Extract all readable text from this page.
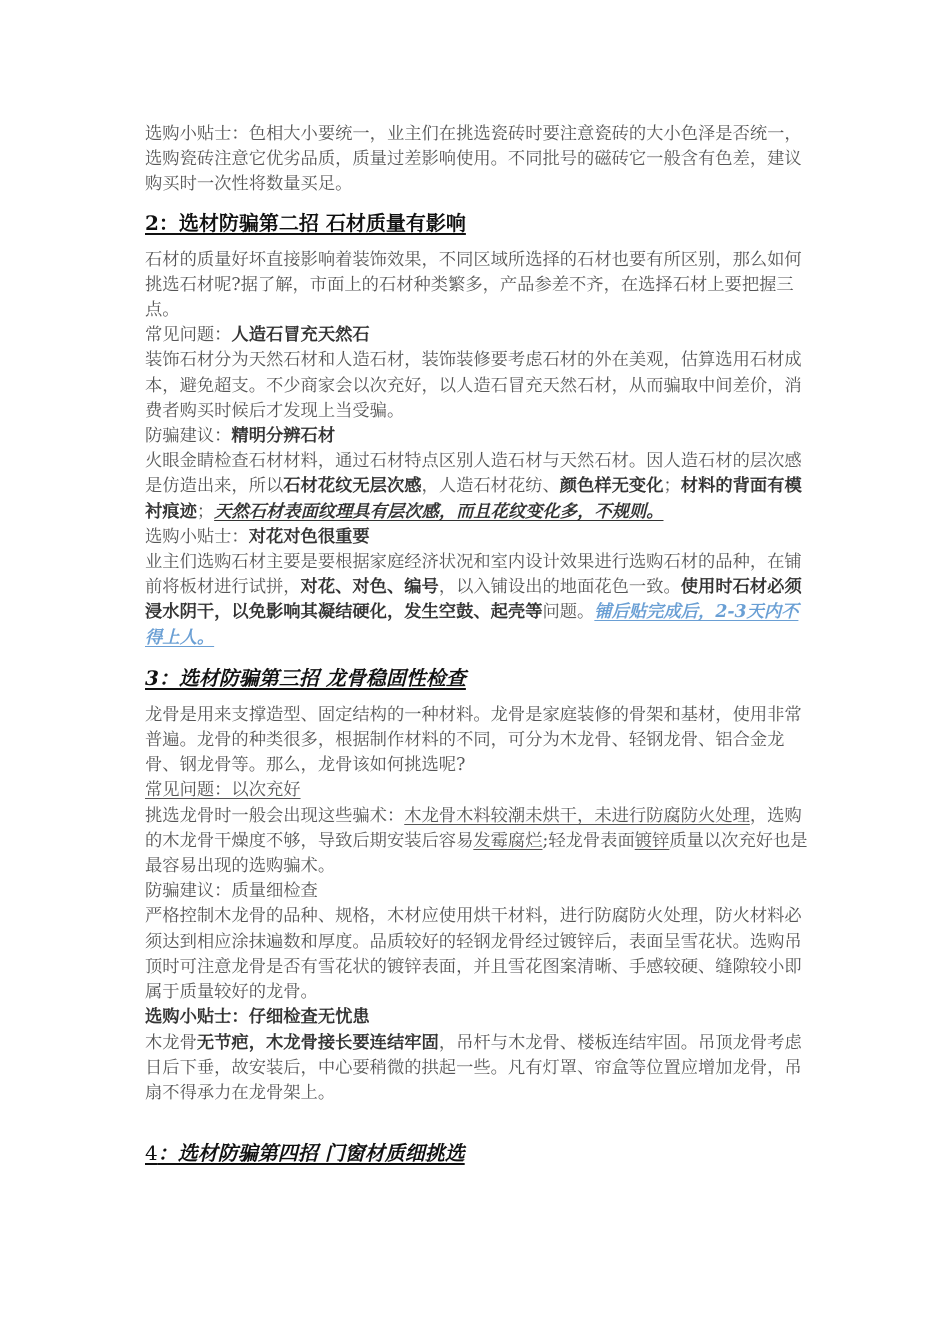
选购小贴士：色相大小要统一，业主们在挑选瓷砖时要注意瓷砖的大小色泽是否统一，选购瓷砖注意它优劣品质，质量过差影响使用。不同批号的磁砖它一般含有色差，建议购买时一次性将数量买足。

2：选材防骗第二招 石材质量有影响

石材的质量好坏直接影响着装饰效果，不同区域所选择的石材也要有所区别，那么如何挑选石材呢?据了解，市面上的石材种类繁多，产品参差不齐，在选择石材上要把握三点。

常见问题：人造石冒充天然石

装饰石材分为天然石材和人造石材，装饰装修要考虑石材的外在美观，估算选用石材成本，避免超支。不少商家会以次充好，以人造石冒充天然石材，从而骗取中间差价，消费者购买时候后才发现上当受骗。

防骗建议：精明分辨石材

火眼金睛检查石材材料，通过石材特点区别人造石材与天然石材。因人造石材的层次感是仿造出来，所以石材花纹无层次感，人造石材花纺、颜色样无变化；材料的背面有模衬痕迹；天然石材表面纹理具有层次感，而且花纹变化多，不规则。

选购小贴士：对花对色很重要

业主们选购石材主要是要根据家庭经济状况和室内设计效果进行选购石材的品种，在铺前将板材进行试拼，对花、对色、编号，以入铺设出的地面花色一致。使用时石材必须浸水阴干，以免影响其凝结硬化，发生空鼓、起壳等问题。铺后贴完成后，2-3天内不得上人。

3：选材防骗第三招 龙骨稳固性检查

龙骨是用来支撑造型、固定结构的一种材料。龙骨是家庭装修的骨架和基材，使用非常普遍。龙骨的种类很多，根据制作材料的不同，可分为木龙骨、轻钢龙骨、铝合金龙骨、钢龙骨等。那么，龙骨该如何挑选呢?

常见问题：以次充好

挑选龙骨时一般会出现这些骗术：木龙骨木料较潮未烘干，未进行防腐防火处理，选购的木龙骨干燥度不够，导致后期安装后容易发霉腐烂;轻龙骨表面镀锌质量以次充好也是最容易出现的选购骗术。

防骗建议：质量细检查

严格控制木龙骨的品种、规格，木材应使用烘干材料，进行防腐防火处理，防火材料必须达到相应涂抹遍数和厚度。品质较好的轻钢龙骨经过镀锌后，表面呈雪花状。选购吊顶时可注意龙骨是否有雪花状的镀锌表面，并且雪花图案清晰、手感较硬、缝隙较小即属于质量较好的龙骨。

选购小贴士：仔细检查无忧患

木龙骨无节疤，木龙骨接长要连结牢固，吊杆与木龙骨、楼板连结牢固。吊顶龙骨考虑日后下垂，故安装后，中心要稍微的拱起一些。凡有灯罩、帘盒等位置应增加龙骨，吊扇不得承力在龙骨架上。

4：选材防骗第四招 门窗材质细挑选
